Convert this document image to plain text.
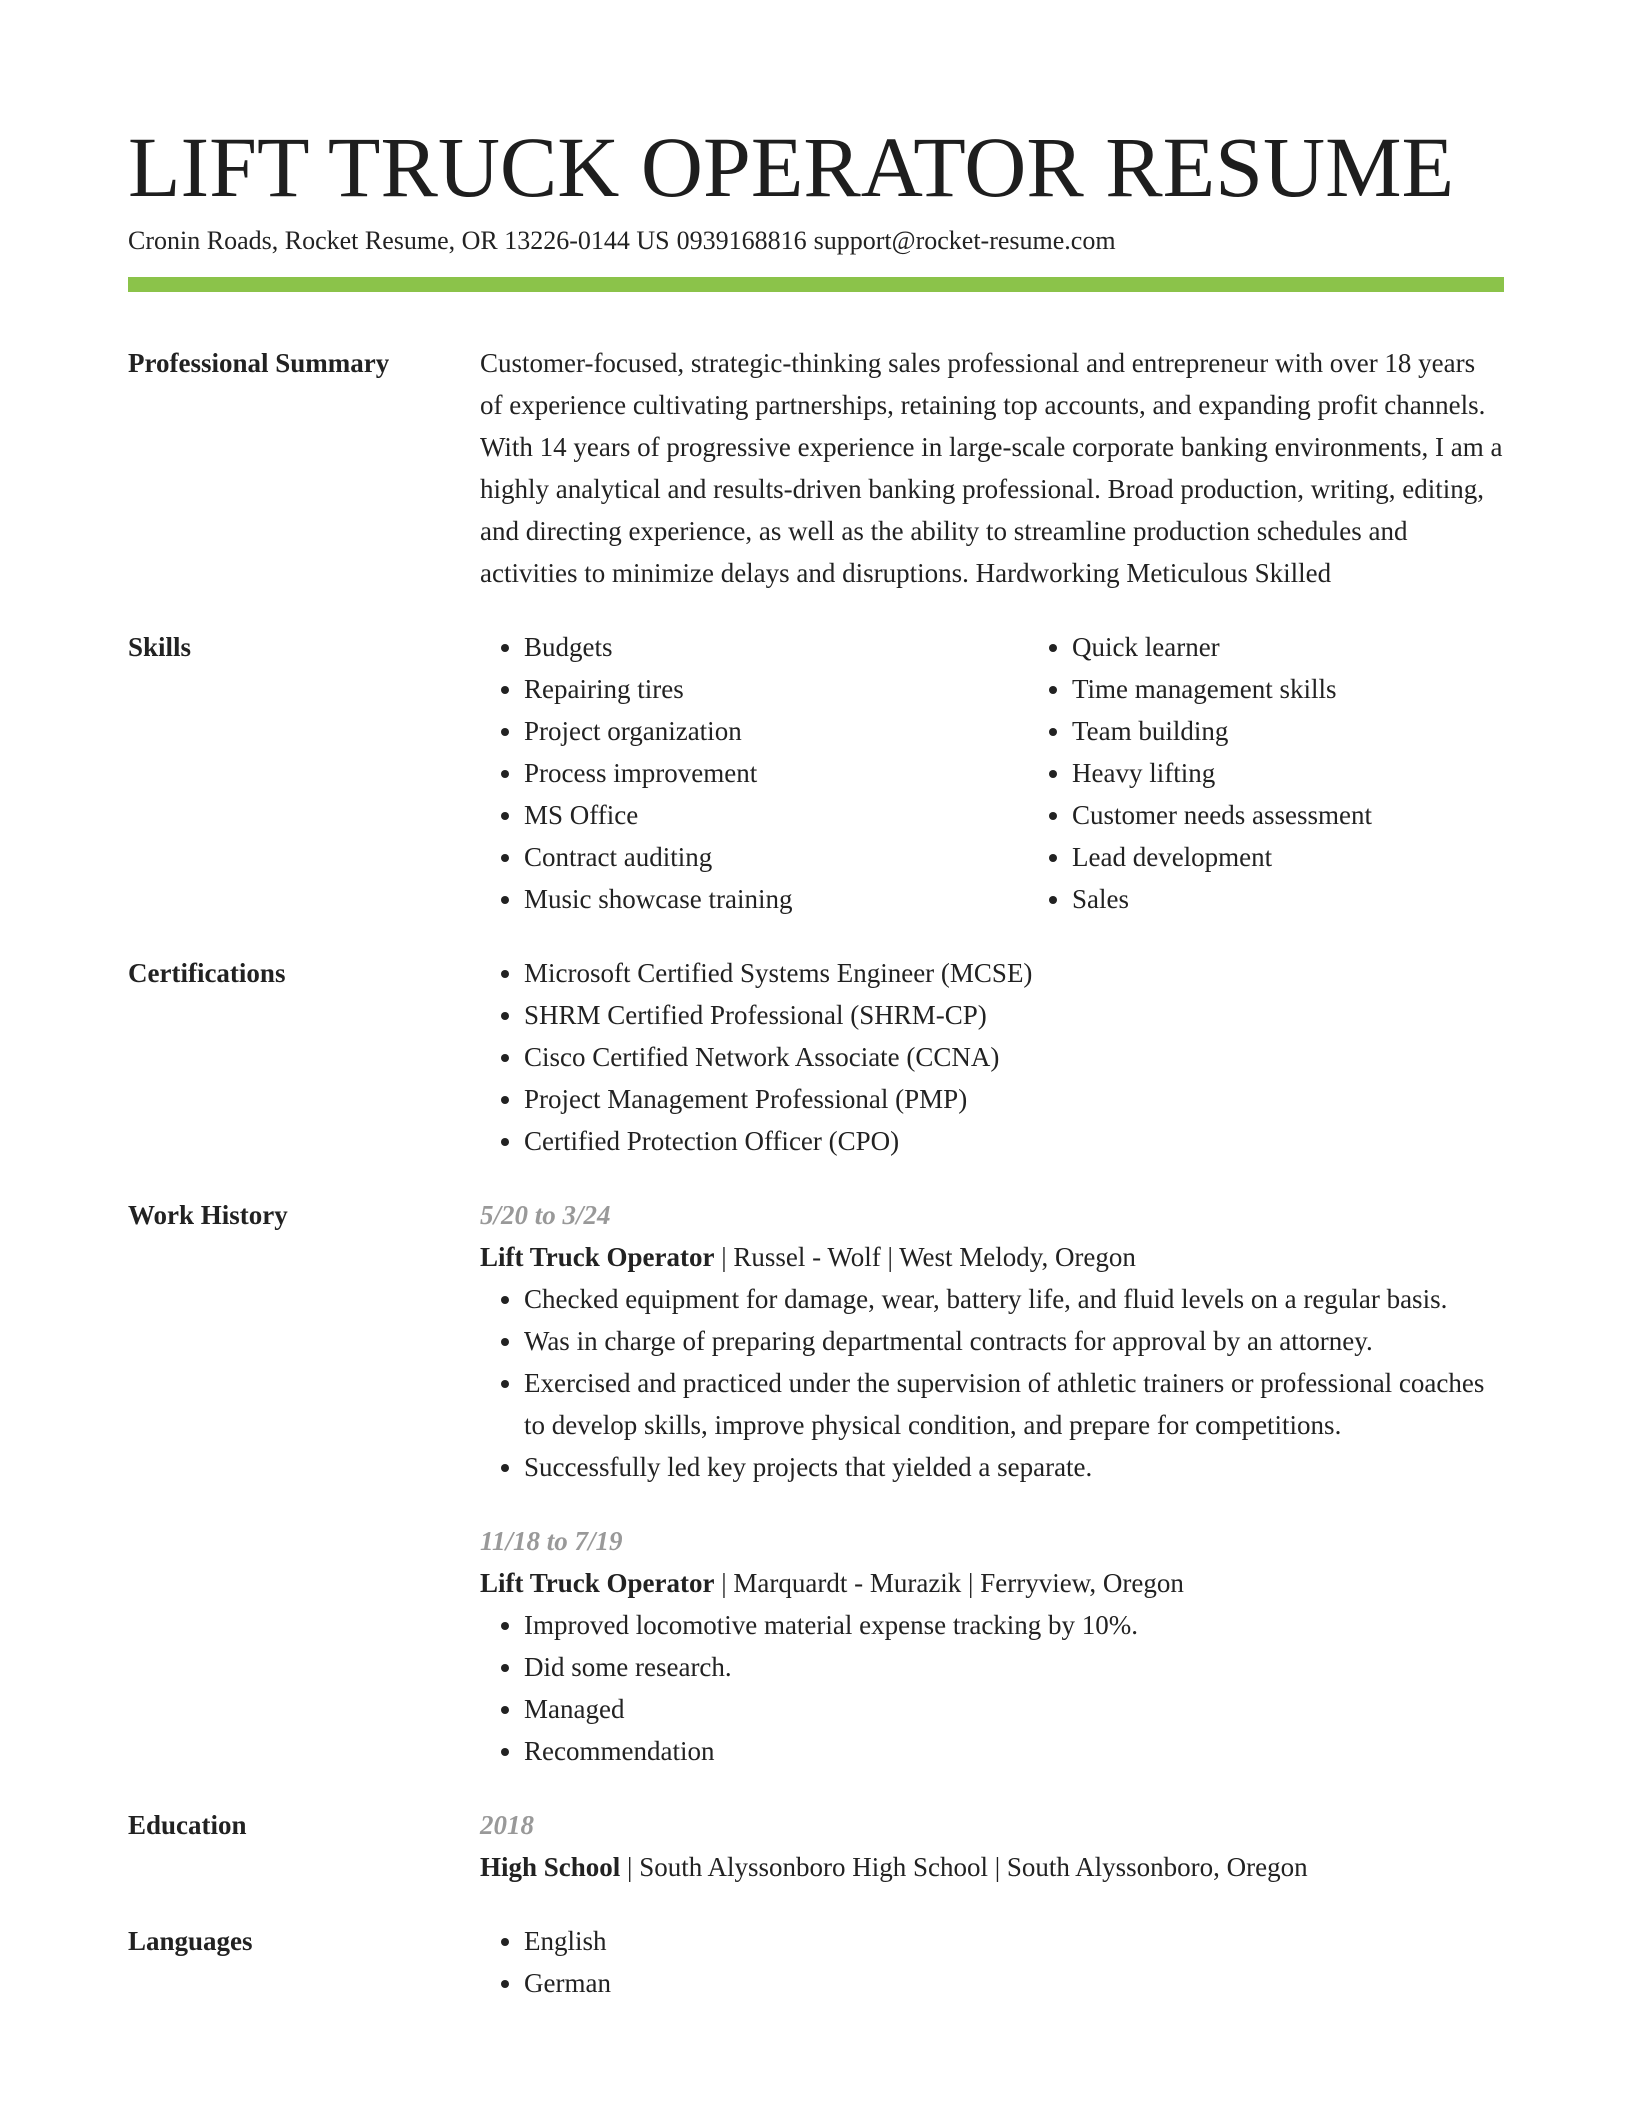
LIFT TRUCK OPERATOR RESUME
Cronin Roads, Rocket Resume, OR 13226-0144 US 0939168816 support@rocket-resume.com
Professional Summary	Customer-focused, strategic-thinking sales professional and entrepreneur with over 18 years of experience cultivating partnerships, retaining top accounts, and expanding profit channels. With 14 years of progressive experience in large-scale corporate banking environments, I am a highly analytical and results-driven banking professional. Broad production, writing, editing, and directing experience, as well as the ability to streamline production schedules and activities to minimize delays and disruptions. Hardworking Meticulous Skilled

Skills	• Budgets
• Repairing tires
• Project organization
• Process improvement
• MS Office
• Contract auditing
• Music showcase training
• Quick learner
• Time management skills
• Team building
• Heavy lifting
• Customer needs assessment
• Lead development
• Sales
Certifications	• Microsoft Certified Systems Engineer (MCSE)
• SHRM Certified Professional (SHRM-CP)
• Cisco Certified Network Associate (CCNA)
• Project Management Professional (PMP)
• Certified Protection Officer (CPO)
Work History	5/20 to 3/24
Lift Truck Operator | Russel - Wolf | West Melody, Oregon
• Checked equipment for damage, wear, battery life, and fluid levels on a regular basis.
• Was in charge of preparing departmental contracts for approval by an attorney.
• Exercised and practiced under the supervision of athletic trainers or professional coaches to develop skills, improve physical condition, and prepare for competitions.
• Successfully led key projects that yielded a separate.
11/18 to 7/19
Lift Truck Operator | Marquardt - Murazik | Ferryview, Oregon
• Improved locomotive material expense tracking by 10%.
• Did some research.
• Managed
• Recommendation
Education	2018
High School | South Alyssonboro High School | South Alyssonboro, Oregon
Languages	• English
• German
